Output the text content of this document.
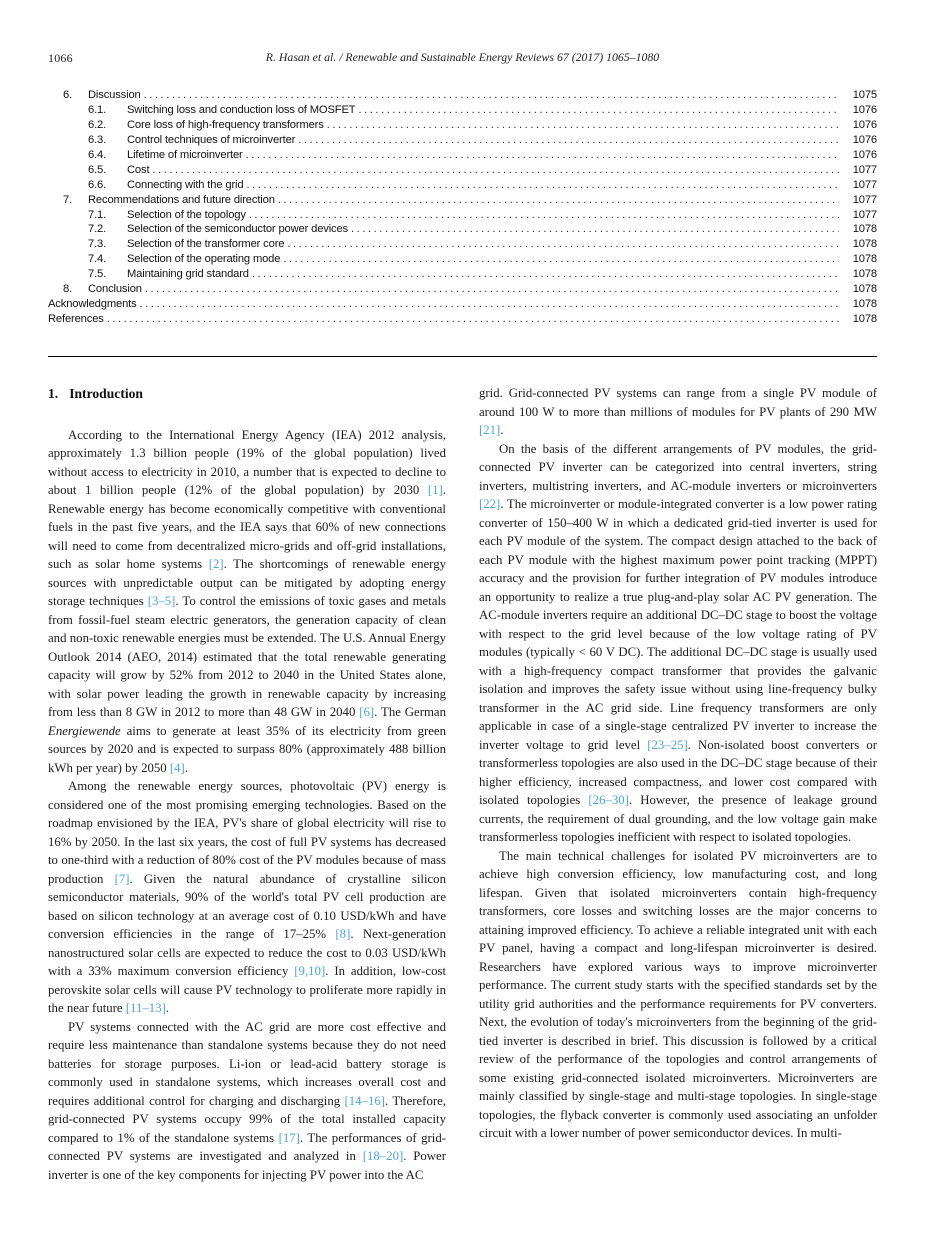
1066	R. Hasan et al. / Renewable and Sustainable Energy Reviews 67 (2017) 1065–1080
6.	Discussion .....	1075
6.1.	Switching loss and conduction loss of MOSFET .....	1076
6.2.	Core loss of high-frequency transformers .....	1076
6.3.	Control techniques of microinverter .....	1076
6.4.	Lifetime of microinverter .....	1076
6.5.	Cost .....	1077
6.6.	Connecting with the grid .....	1077
7.	Recommendations and future direction .....	1077
7.1.	Selection of the topology .....	1077
7.2.	Selection of the semiconductor power devices .....	1078
7.3.	Selection of the transformer core .....	1078
7.4.	Selection of the operating mode .....	1078
7.5.	Maintaining grid standard .....	1078
8.	Conclusion .....	1078
Acknowledgments .....	1078
References .....	1078
1. Introduction

According to the International Energy Agency (IEA) 2012 analysis, approximately 1.3 billion people (19% of the global population) lived without access to electricity in 2010, a number that is expected to decline to about 1 billion people (12% of the global population) by 2030 [1]. Renewable energy has become economically competitive with conventional fuels in the past five years, and the IEA says that 60% of new connections will need to come from decentralized micro-grids and off-grid installations, such as solar home systems [2]. The shortcomings of renewable energy sources with unpredictable output can be mitigated by adopting energy storage techniques [3–5]. To control the emissions of toxic gases and metals from fossil-fuel steam electric generators, the generation capacity of clean and non-toxic renewable energies must be extended. The U.S. Annual Energy Outlook 2014 (AEO, 2014) estimated that the total renewable generating capacity will grow by 52% from 2012 to 2040 in the United States alone, with solar power leading the growth in renewable capacity by increasing from less than 8 GW in 2012 to more than 48 GW in 2040 [6]. The German Energiewende aims to generate at least 35% of its electricity from green sources by 2020 and is expected to surpass 80% (approximately 488 billion kWh per year) by 2050 [4].

Among the renewable energy sources, photovoltaic (PV) energy is considered one of the most promising emerging technologies. Based on the roadmap envisioned by the IEA, PV's share of global electricity will rise to 16% by 2050. In the last six years, the cost of full PV systems has decreased to one-third with a reduction of 80% cost of the PV modules because of mass production [7]. Given the natural abundance of crystalline silicon semiconductor materials, 90% of the world's total PV cell production are based on silicon technology at an average cost of 0.10 USD/kWh and have conversion efficiencies in the range of 17–25% [8]. Next-generation nanostructured solar cells are expected to reduce the cost to 0.03 USD/kWh with a 33% maximum conversion efficiency [9,10]. In addition, low-cost perovskite solar cells will cause PV technology to proliferate more rapidly in the near future [11–13].

PV systems connected with the AC grid are more cost effective and require less maintenance than standalone systems because they do not need batteries for storage purposes. Li-ion or lead-acid battery storage is commonly used in standalone systems, which increases overall cost and requires additional control for charging and discharging [14–16]. Therefore, grid-connected PV systems occupy 99% of the total installed capacity compared to 1% of the standalone systems [17]. The performances of grid-connected PV systems are investigated and analyzed in [18–20]. Power inverter is one of the key components for injecting PV power into the AC

grid. Grid-connected PV systems can range from a single PV module of around 100 W to more than millions of modules for PV plants of 290 MW [21].

On the basis of the different arrangements of PV modules, the grid-connected PV inverter can be categorized into central inverters, string inverters, multistring inverters, and AC-module inverters or microinverters [22]. The microinverter or module-integrated converter is a low power rating converter of 150–400 W in which a dedicated grid-tied inverter is used for each PV module of the system. The compact design attached to the back of each PV module with the highest maximum power point tracking (MPPT) accuracy and the provision for further integration of PV modules introduce an opportunity to realize a true plug-and-play solar AC PV generation. The AC-module inverters require an additional DC–DC stage to boost the voltage with respect to the grid level because of the low voltage rating of PV modules (typically < 60 V DC). The additional DC–DC stage is usually used with a high-frequency compact transformer that provides the galvanic isolation and improves the safety issue without using line-frequency bulky transformer in the AC grid side. Line frequency transformers are only applicable in case of a single-stage centralized PV inverter to increase the inverter voltage to grid level [23–25]. Non-isolated boost converters or transformerless topologies are also used in the DC–DC stage because of their higher efficiency, increased compactness, and lower cost compared with isolated topologies [26–30]. However, the presence of leakage ground currents, the requirement of dual grounding, and the low voltage gain make transformerless topologies inefficient with respect to isolated topologies.

The main technical challenges for isolated PV microinverters are to achieve high conversion efficiency, low manufacturing cost, and long lifespan. Given that isolated microinverters contain high-frequency transformers, core losses and switching losses are the major concerns to attaining improved efficiency. To achieve a reliable integrated unit with each PV panel, having a compact and long-lifespan microinverter is desired. Researchers have explored various ways to improve microinverter performance. The current study starts with the specified standards set by the utility grid authorities and the performance requirements for PV converters. Next, the evolution of today's microinverters from the beginning of the grid-tied inverter is described in brief. This discussion is followed by a critical review of the performance of the topologies and control arrangements of some existing grid-connected isolated microinverters. Microinverters are mainly classified by single-stage and multi-stage topologies. In single-stage topologies, the flyback converter is commonly used associating an unfolder circuit with a lower number of power semiconductor devices. In multi-
